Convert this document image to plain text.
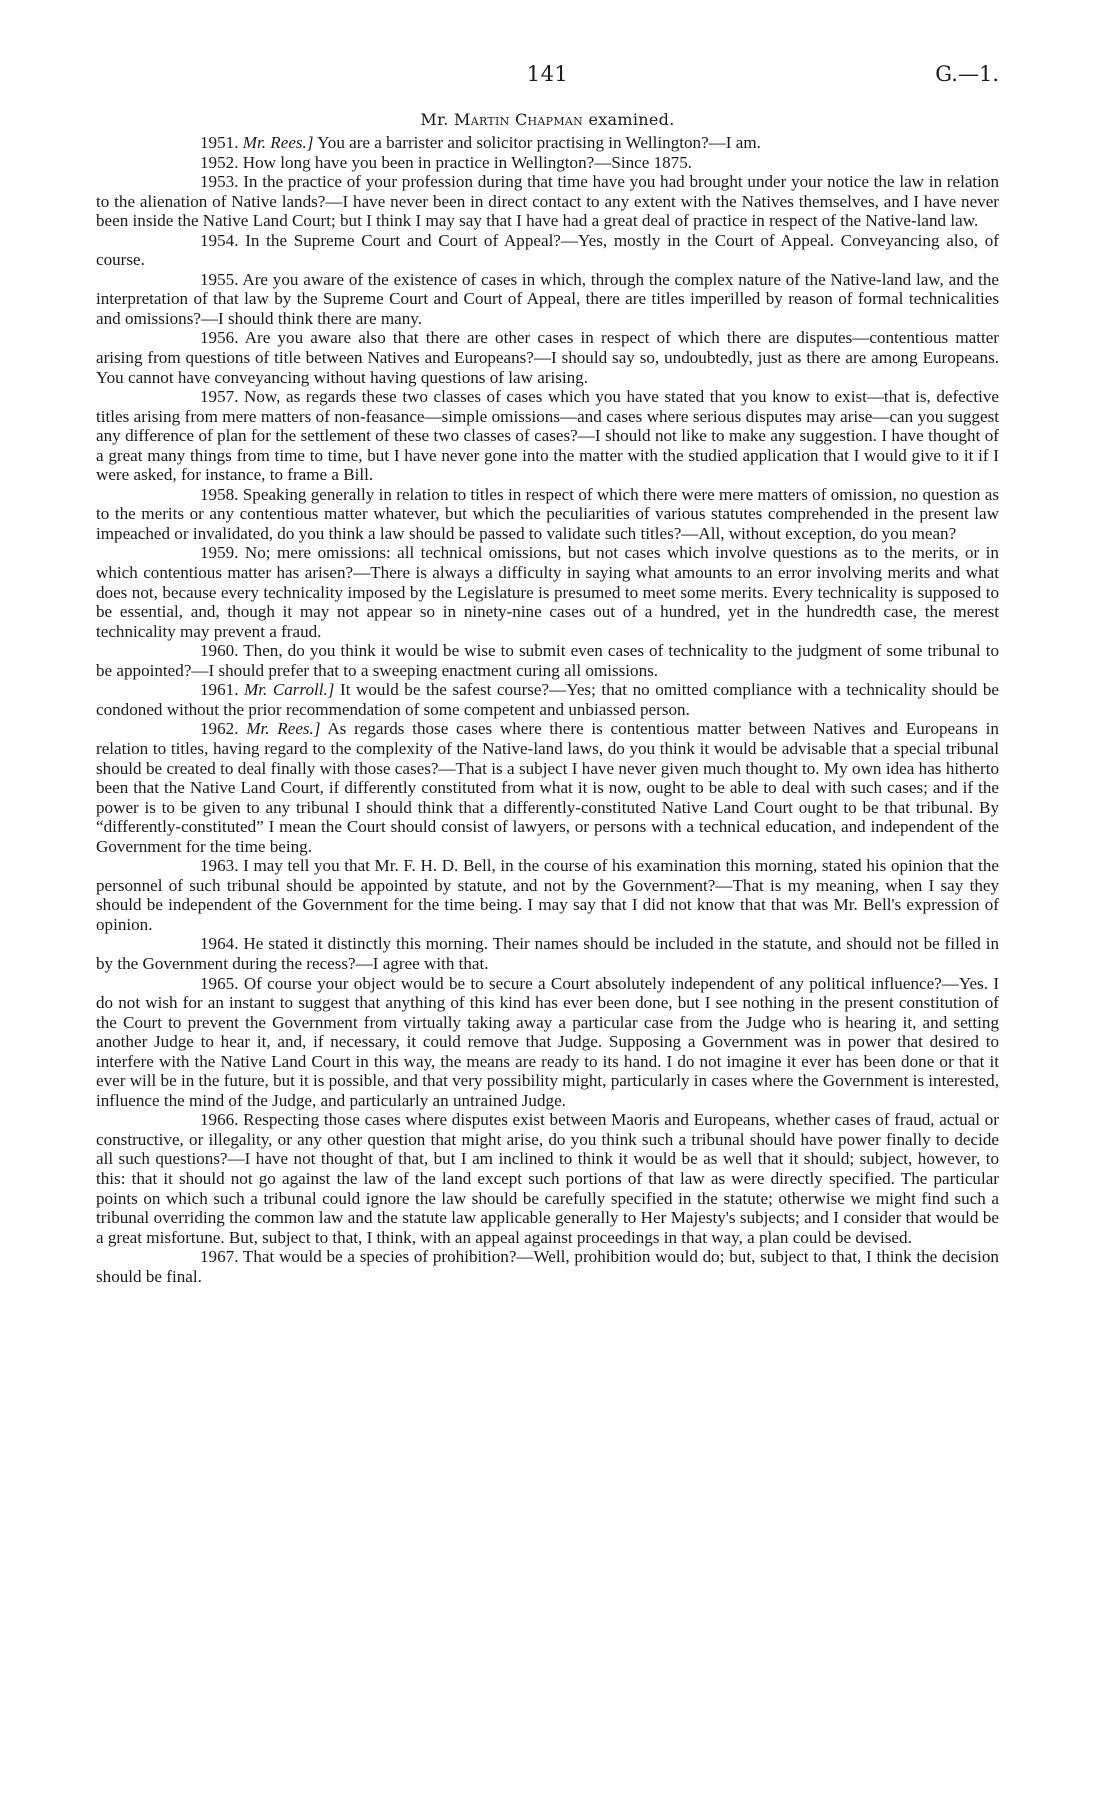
141	G.—1.
Mr. Martin Chapman examined.

1951. Mr. Rees.] You are a barrister and solicitor practising in Wellington?—I am.

1952. How long have you been in practice in Wellington?—Since 1875.

1953. In the practice of your profession during that time have you had brought under your notice the law in relation to the alienation of Native lands?—I have never been in direct contact to any extent with the Natives themselves, and I have never been inside the Native Land Court; but I think I may say that I have had a great deal of practice in respect of the Native-land law.

1954. In the Supreme Court and Court of Appeal?—Yes, mostly in the Court of Appeal. Conveyancing also, of course.

1955. Are you aware of the existence of cases in which, through the complex nature of the Native-land law, and the interpretation of that law by the Supreme Court and Court of Appeal, there are titles imperilled by reason of formal technicalities and omissions?—I should think there are many.

1956. Are you aware also that there are other cases in respect of which there are disputes—contentious matter arising from questions of title between Natives and Europeans?—I should say so, undoubtedly, just as there are among Europeans. You cannot have conveyancing without having questions of law arising.

1957. Now, as regards these two classes of cases which you have stated that you know to exist—that is, defective titles arising from mere matters of non-feasance—simple omissions—and cases where serious disputes may arise—can you suggest any difference of plan for the settlement of these two classes of cases?—I should not like to make any suggestion. I have thought of a great many things from time to time, but I have never gone into the matter with the studied application that I would give to it if I were asked, for instance, to frame a Bill.

1958. Speaking generally in relation to titles in respect of which there were mere matters of omission, no question as to the merits or any contentious matter whatever, but which the peculiarities of various statutes comprehended in the present law impeached or invalidated, do you think a law should be passed to validate such titles?—All, without exception, do you mean?

1959. No; mere omissions: all technical omissions, but not cases which involve questions as to the merits, or in which contentious matter has arisen?—There is always a difficulty in saying what amounts to an error involving merits and what does not, because every technicality imposed by the Legislature is presumed to meet some merits. Every technicality is supposed to be essential, and, though it may not appear so in ninety-nine cases out of a hundred, yet in the hundredth case, the merest technicality may prevent a fraud.

1960. Then, do you think it would be wise to submit even cases of technicality to the judgment of some tribunal to be appointed?—I should prefer that to a sweeping enactment curing all omissions.

1961. Mr. Carroll.] It would be the safest course?—Yes; that no omitted compliance with a technicality should be condoned without the prior recommendation of some competent and unbiassed person.

1962. Mr. Rees.] As regards those cases where there is contentious matter between Natives and Europeans in relation to titles, having regard to the complexity of the Native-land laws, do you think it would be advisable that a special tribunal should be created to deal finally with those cases?—That is a subject I have never given much thought to. My own idea has hitherto been that the Native Land Court, if differently constituted from what it is now, ought to be able to deal with such cases; and if the power is to be given to any tribunal I should think that a differently-constituted Native Land Court ought to be that tribunal. By “differently-constituted” I mean the Court should consist of lawyers, or persons with a technical education, and independent of the Government for the time being.

1963. I may tell you that Mr. F. H. D. Bell, in the course of his examination this morning, stated his opinion that the personnel of such tribunal should be appointed by statute, and not by the Government?—That is my meaning, when I say they should be independent of the Government for the time being. I may say that I did not know that that was Mr. Bell's expression of opinion.

1964. He stated it distinctly this morning. Their names should be included in the statute, and should not be filled in by the Government during the recess?—I agree with that.

1965. Of course your object would be to secure a Court absolutely independent of any political influence?—Yes. I do not wish for an instant to suggest that anything of this kind has ever been done, but I see nothing in the present constitution of the Court to prevent the Government from virtually taking away a particular case from the Judge who is hearing it, and setting another Judge to hear it, and, if necessary, it could remove that Judge. Supposing a Government was in power that desired to interfere with the Native Land Court in this way, the means are ready to its hand. I do not imagine it ever has been done or that it ever will be in the future, but it is possible, and that very possibility might, particularly in cases where the Government is interested, influence the mind of the Judge, and particularly an untrained Judge.

1966. Respecting those cases where disputes exist between Maoris and Europeans, whether cases of fraud, actual or constructive, or illegality, or any other question that might arise, do you think such a tribunal should have power finally to decide all such questions?—I have not thought of that, but I am inclined to think it would be as well that it should; subject, however, to this: that it should not go against the law of the land except such portions of that law as were directly specified. The particular points on which such a tribunal could ignore the law should be carefully specified in the statute; otherwise we might find such a tribunal overriding the common law and the statute law applicable generally to Her Majesty's subjects; and I consider that would be a great misfortune. But, subject to that, I think, with an appeal against proceedings in that way, a plan could be devised.

1967. That would be a species of prohibition?—Well, prohibition would do; but, subject to that, I think the decision should be final.
